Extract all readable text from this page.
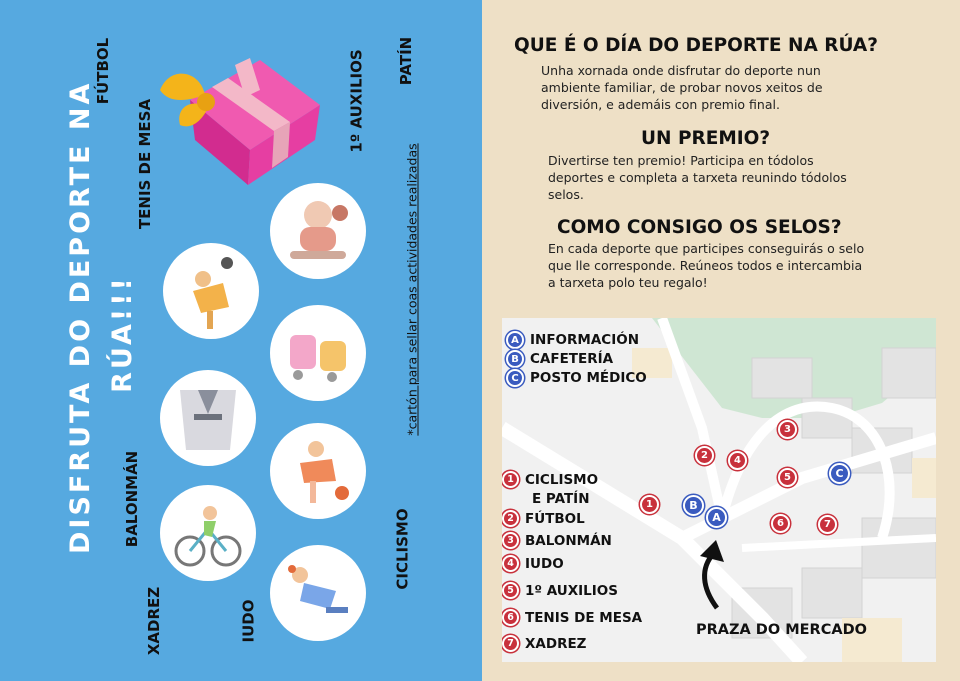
DISFRUTA DO DEPORTE NA RÚA!!!
FÚTBOL
TENIS DE MESA	1º AUXILIOS PATÍN
BALONMÁN
XADREZ	IUDO
CICLISMO
*cartón para sellar coas actividades realizadas
QUE É O DÍA DO DEPORTE NA RÚA?
Unha xornada onde disfrutar do deporte nun ambiente familiar, de probar novos xeitos de diversión, e ademáis con premio final.
UN PREMIO?
Divertirse ten premio! Participa en tódolos deportes e completa a tarxeta reunindo tódolos selos.
COMO CONSIGO OS SELOS?
En cada deporte que participes conseguirás o selo que lle corresponde. Reúneos todos e intercambia a tarxeta polo teu regalo!
1
2
3
4
5
6	7
B
A
C
A INFORMACIÓN
B CAFETERÍA
C POSTO MÉDICO
1 CICLISMO
E PATÍN
2 FÚTBOL
3 BALONMÁN
4 IUDO
5 1º AUXILIOS
6 TENIS DE MESA
7 XADREZ
PRAZA DO MERCADO
